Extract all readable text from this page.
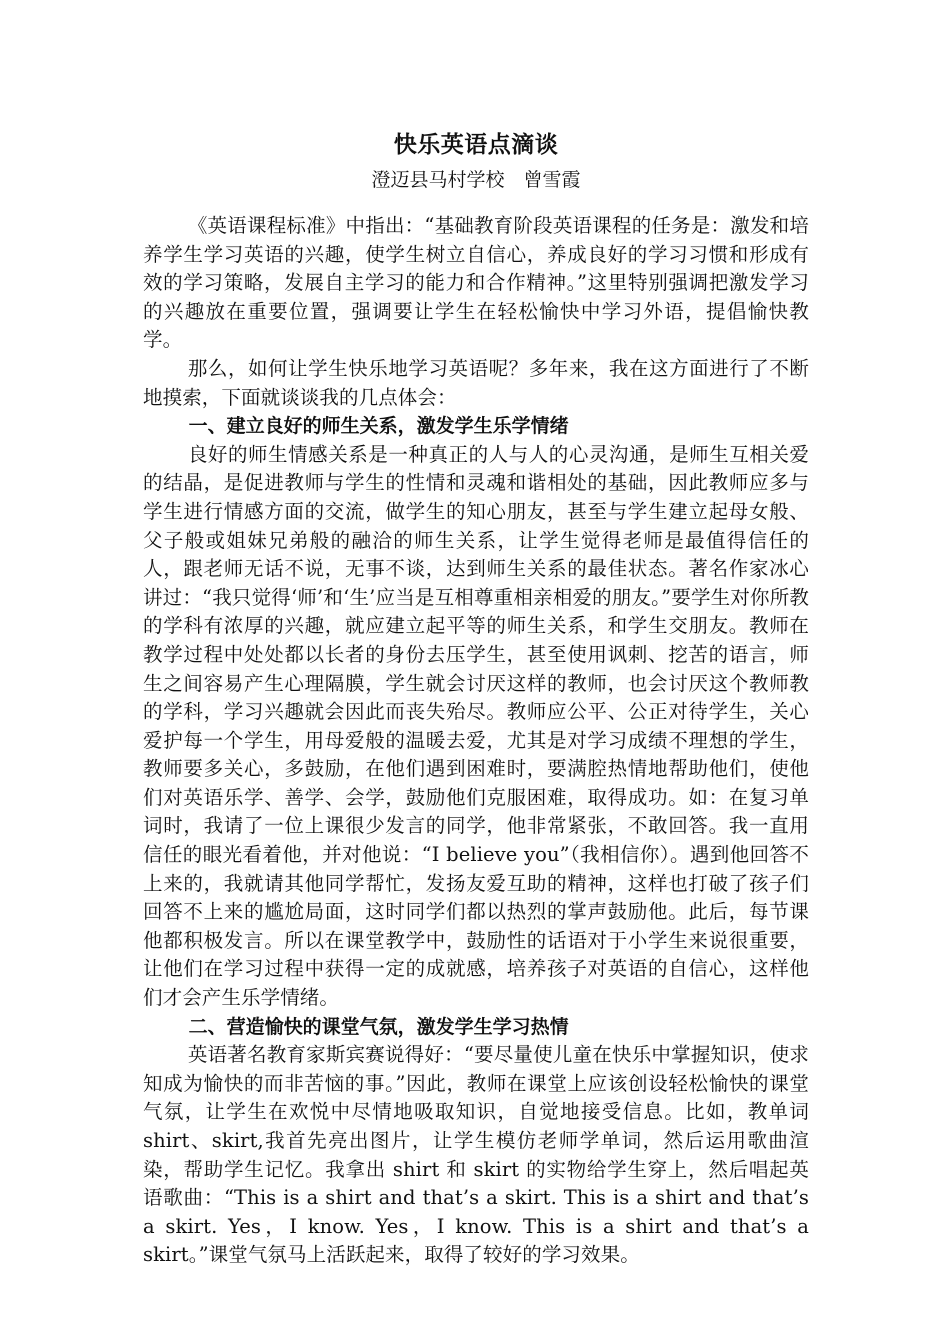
快乐英语点滴谈
澄迈县马村学校　曾雪霞

《英语课程标准》中指出：“基础教育阶段英语课程的任务是：激发和培养学生学习英语的兴趣，使学生树立自信心，养成良好的学习习惯和形成有效的学习策略，发展自主学习的能力和合作精神。”这里特别强调把激发学习的兴趣放在重要位置，强调要让学生在轻松愉快中学习外语，提倡愉快教学。

那么，如何让学生快乐地学习英语呢？多年来，我在这方面进行了不断地摸索，下面就谈谈我的几点体会：

一、建立良好的师生关系，激发学生乐学情绪

良好的师生情感关系是一种真正的人与人的心灵沟通，是师生互相关爱的结晶，是促进教师与学生的性情和灵魂和谐相处的基础，因此教师应多与学生进行情感方面的交流，做学生的知心朋友，甚至与学生建立起母女般、父子般或姐妹兄弟般的融洽的师生关系，让学生觉得老师是最值得信任的人，跟老师无话不说，无事不谈，达到师生关系的最佳状态。著名作家冰心讲过：“我只觉得‘师’和‘生’应当是互相尊重相亲相爱的朋友。”要学生对你所教的学科有浓厚的兴趣，就应建立起平等的师生关系，和学生交朋友。教师在教学过程中处处都以长者的身份去压学生，甚至使用讽刺、挖苦的语言，师生之间容易产生心理隔膜，学生就会讨厌这样的教师，也会讨厌这个教师教的学科，学习兴趣就会因此而丧失殆尽。教师应公平、公正对待学生，关心爱护每一个学生，用母爱般的温暖去爱，尤其是对学习成绩不理想的学生，教师要多关心，多鼓励，在他们遇到困难时，要满腔热情地帮助他们，使他们对英语乐学、善学、会学，鼓励他们克服困难，取得成功。如：在复习单词时，我请了一位上课很少发言的同学，他非常紧张，不敢回答。我一直用信任的眼光看着他，并对他说：“I believe you”（我相信你）。遇到他回答不上来的，我就请其他同学帮忙，发扬友爱互助的精神，这样也打破了孩子们回答不上来的尴尬局面，这时同学们都以热烈的掌声鼓励他。此后，每节课他都积极发言。所以在课堂教学中，鼓励性的话语对于小学生来说很重要，让他们在学习过程中获得一定的成就感，培养孩子对英语的自信心，这样他们才会产生乐学情绪。

二、营造愉快的课堂气氛，激发学生学习热情

英语著名教育家斯宾赛说得好：“要尽量使儿童在快乐中掌握知识，使求知成为愉快的而非苦恼的事。”因此，教师在课堂上应该创设轻松愉快的课堂气氛，让学生在欢悦中尽情地吸取知识，自觉地接受信息。比如，教单词 shirt、skirt,我首先亮出图片，让学生模仿老师学单词，然后运用歌曲渲染，帮助学生记忆。我拿出 shirt 和 skirt 的实物给学生穿上，然后唱起英语歌曲：“This is a shirt and that’s a skirt. This is a shirt and that’s a skirt. Yes，I know. Yes，I know. This is a shirt and that’s a skirt。”课堂气氛马上活跃起来，取得了较好的学习效果。
